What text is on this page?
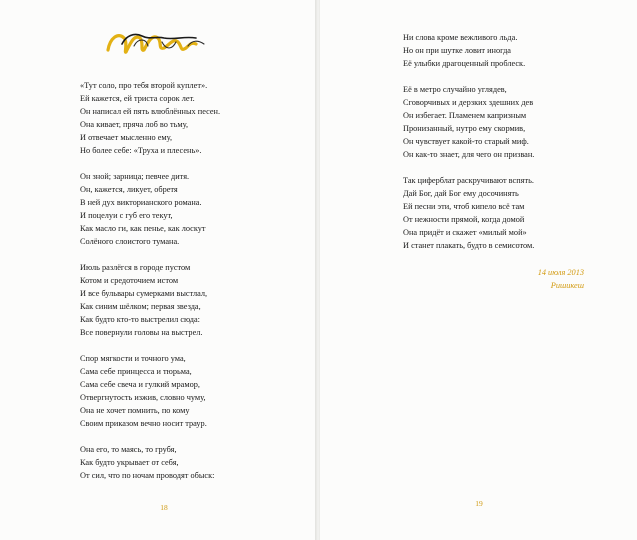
«Тут соло, про тебя второй куплет».
Ей кажется, ей триста сорок лет.
Он написал ей пять влюблённых песен.
Она кивает, пряча лоб во тьму,
И отвечает мысленно ему,
Но более себе: «Труха и плесень».
Он зной; зарница; певчее дитя.
Он, кажется, ликует, обретя
В ней дух викторианского романа.
И поцелуи с губ его текут,
Как масло ги, как пенье, как лоскут
Солёного слоистого тумана.
Июль разлёгся в городе пустом
Котом и средоточием истом
И все бульвары сумерками выстлал,
Как синим шёлком; первая звезда,
Как будто кто-то выстрелил сюда:
Все повернули головы на выстрел.
Спор мягкости и точного ума,
Сама себе принцесса и тюрьма,
Сама себе свеча и гулкий мрамор,
Отвергнутость изжив, словно чуму,
Она не хочет помнить, по кому
Своим приказом вечно носит траур.
Она его, то маясь, то грубя,
Как будто укрывает от себя,
От сил, что по ночам проводят обыск:
Ни слова кроме вежливого льда.
Но он при шутке ловит иногда
Её улыбки драгоценный проблеск.
Её в метро случайно углядев,
Сговорчивых и дерзких здешних дев
Он избегает. Пламенем капризным
Пронизанный, нутро ему скормив,
Он чувствует какой-то старый миф.
Он как-то знает, для чего он призван.
Так циферблат раскручивают вспять.
Дай Бог, дай Бог ему досочинять
Ей песни эти, чтоб кипело всё там
От нежности прямой, когда домой
Она придёт и скажет «милый мой»
И станет плакать, будто в семисотом.
14 июля 2013
Ришикеш
18	19
